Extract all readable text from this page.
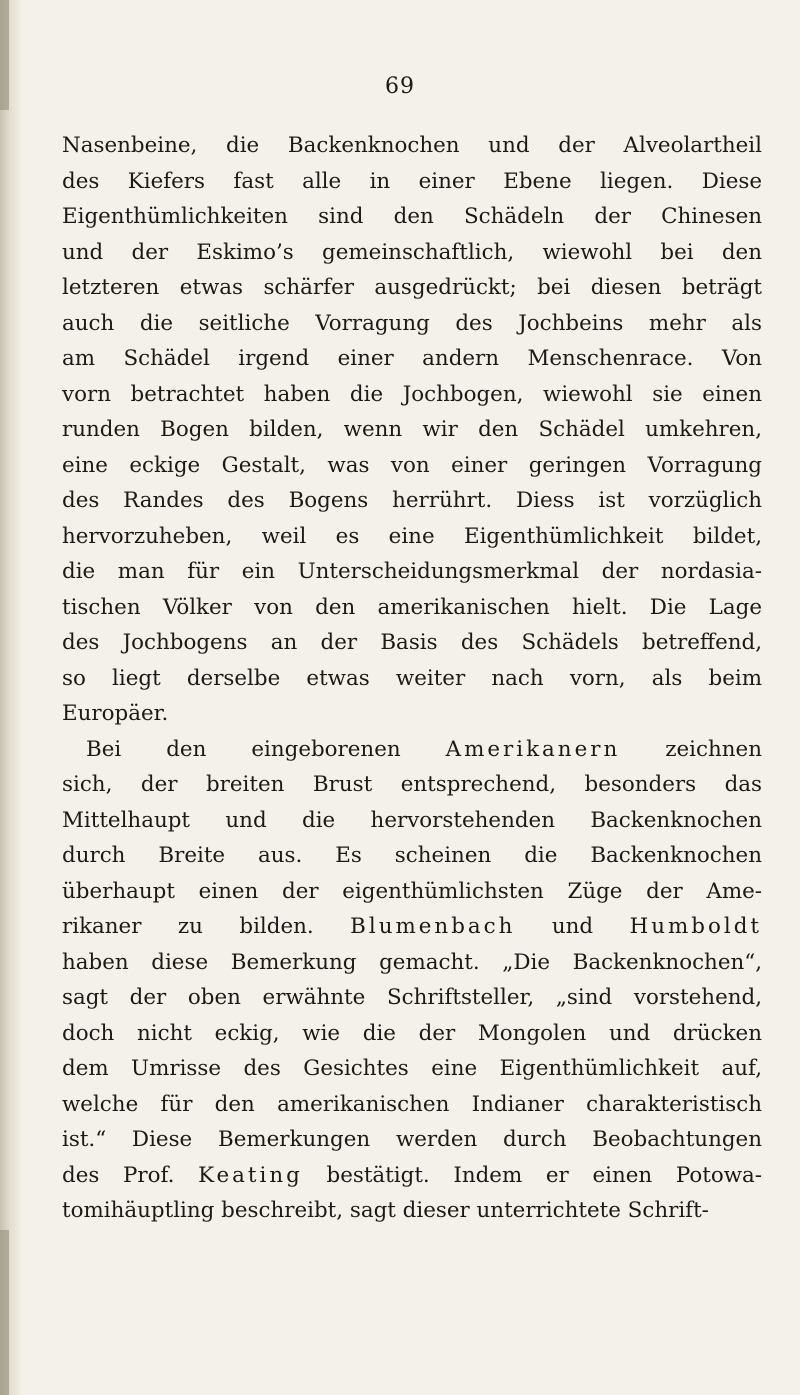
69
Nasenbeine, die Backenknochen und der Alveolartheil
des Kiefers fast alle in einer Ebene liegen. Diese
Eigenthümlichkeiten sind den Schädeln der Chinesen
und der Eskimo’s gemeinschaftlich, wiewohl bei den
letzteren etwas schärfer ausgedrückt; bei diesen beträgt
auch die seitliche Vorragung des Jochbeins mehr als
am Schädel irgend einer andern Menschenrace. Von
vorn betrachtet haben die Jochbogen, wiewohl sie einen
runden Bogen bilden, wenn wir den Schädel umkehren,
eine eckige Gestalt, was von einer geringen Vorragung
des Randes des Bogens herrührt. Diess ist vorzüglich
hervorzuheben, weil es eine Eigenthümlichkeit bildet,
die man für ein Unterscheidungsmerkmal der nordasia-
tischen Völker von den amerikanischen hielt. Die Lage
des Jochbogens an der Basis des Schädels betreffend,
so liegt derselbe etwas weiter nach vorn, als beim
Europäer.
Bei den eingeborenen Amerikanern zeichnen
sich, der breiten Brust entsprechend, besonders das
Mittelhaupt und die hervorstehenden Backenknochen
durch Breite aus. Es scheinen die Backenknochen
überhaupt einen der eigenthümlichsten Züge der Ame-
rikaner zu bilden. Blumenbach und Humboldt
haben diese Bemerkung gemacht. „Die Backenknochen“,
sagt der oben erwähnte Schriftsteller, „sind vorstehend,
doch nicht eckig, wie die der Mongolen und drücken
dem Umrisse des Gesichtes eine Eigenthümlichkeit auf,
welche für den amerikanischen Indianer charakteristisch
ist.“ Diese Bemerkungen werden durch Beobachtungen
des Prof. Keating bestätigt. Indem er einen Potowa-
tomihäuptling beschreibt, sagt dieser unterrichtete Schrift-
